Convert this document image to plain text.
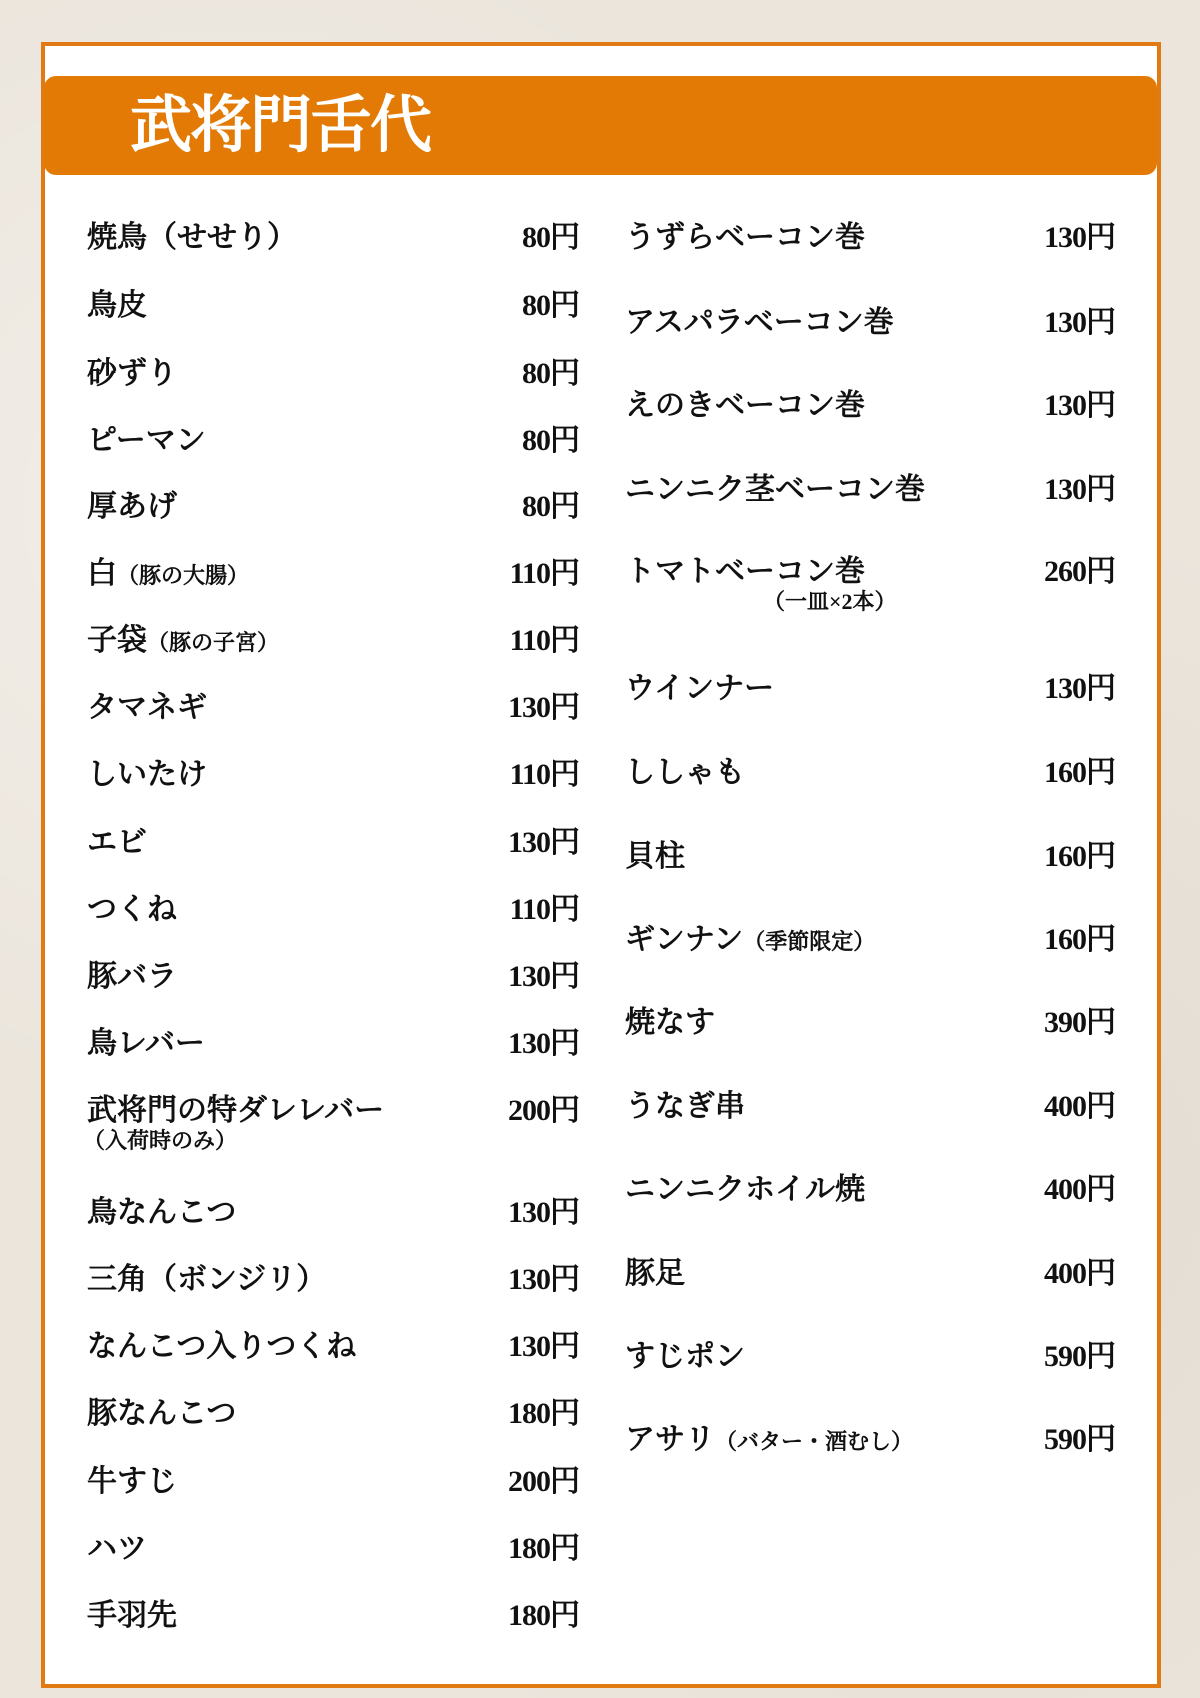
武将門舌代
焼鳥（せせり）	80円
鳥皮	80円
砂ずり	80円
ピーマン	80円
厚あげ	80円
白（豚の大腸）	110円
子袋（豚の子宮）	110円
タマネギ	130円
しいたけ	110円
エビ	130円
つくね	110円
豚バラ	130円
鳥レバー	130円
武将門の特ダレレバー	200円
（入荷時のみ）
鳥なんこつ	130円
三角（ボンジリ）	130円
なんこつ入りつくね	130円
豚なんこつ	180円
牛すじ	200円
ハツ	180円
手羽先	180円
うずらベーコン巻	130円
アスパラベーコン巻	130円
えのきベーコン巻	130円
ニンニク茎ベーコン巻	130円
トマトベーコン巻	260円
（一皿×2本）
ウインナー	130円
ししゃも	160円
貝柱	160円
ギンナン（季節限定）	160円
焼なす	390円
うなぎ串	400円
ニンニクホイル焼	400円
豚足	400円
すじポン	590円
アサリ（バター・酒むし）	590円
